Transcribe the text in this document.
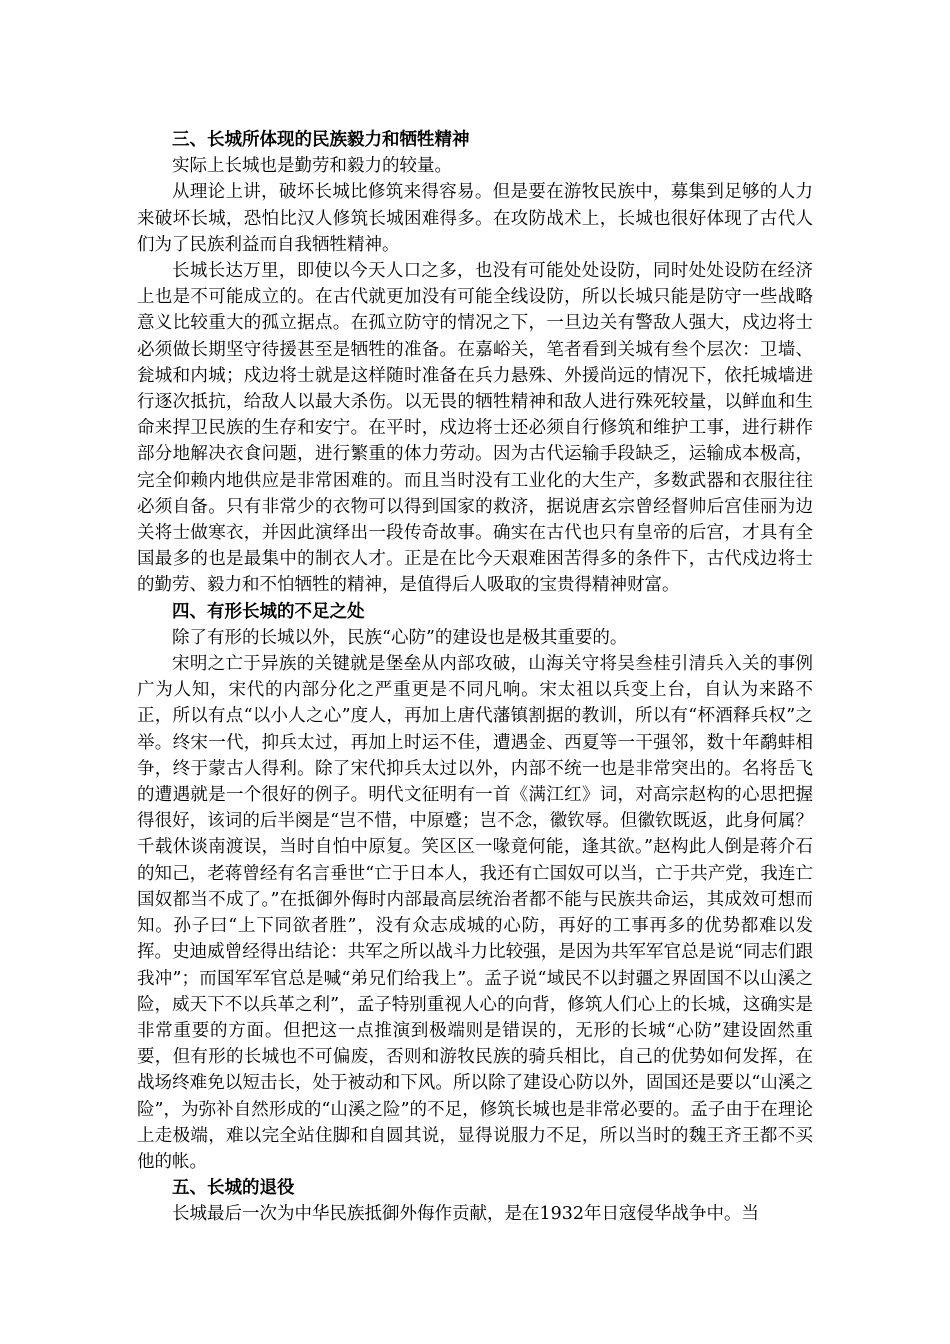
三、长城所体现的民族毅力和牺牲精神

实际上长城也是勤劳和毅力的较量。

从理论上讲，破坏长城比修筑来得容易。但是要在游牧民族中，募集到足够的人力来破坏长城，恐怕比汉人修筑长城困难得多。在攻防战术上，长城也很好体现了古代人们为了民族利益而自我牺牲精神。

长城长达万里，即使以今天人口之多，也没有可能处处设防，同时处处设防在经济上也是不可能成立的。在古代就更加没有可能全线设防，所以长城只能是防守一些战略意义比较重大的孤立据点。在孤立防守的情况之下，一旦边关有警敌人强大，戍边将士必须做长期坚守待援甚至是牺牲的准备。在嘉峪关，笔者看到关城有叁个层次：卫墙、瓮城和内城；戍边将士就是这样随时准备在兵力悬殊、外援尚远的情况下，依托城墙进行逐次抵抗，给敌人以最大杀伤。以无畏的牺牲精神和敌人进行殊死较量，以鲜血和生命来捍卫民族的生存和安宁。在平时，戍边将士还必须自行修筑和维护工事，进行耕作部分地解决衣食问题，进行繁重的体力劳动。因为古代运输手段缺乏，运输成本极高，完全仰赖内地供应是非常困难的。而且当时没有工业化的大生产，多数武器和衣服往往必须自备。只有非常少的衣物可以得到国家的救济，据说唐玄宗曾经督帅后宫佳丽为边关将士做寒衣，并因此演绎出一段传奇故事。确实在古代也只有皇帝的后宫，才具有全国最多的也是最集中的制衣人才。正是在比今天艰难困苦得多的条件下，古代戍边将士的勤劳、毅力和不怕牺牲的精神，是值得后人吸取的宝贵得精神财富。

四、有形长城的不足之处

除了有形的长城以外，民族“心防”的建设也是极其重要的。

宋明之亡于异族的关键就是堡垒从内部攻破，山海关守将吴叁桂引清兵入关的事例广为人知，宋代的内部分化之严重更是不同凡响。宋太祖以兵变上台，自认为来路不正，所以有点“以小人之心”度人，再加上唐代藩镇割据的教训，所以有“杯酒释兵权”之举。终宋一代，抑兵太过，再加上时运不佳，遭遇金、西夏等一干强邻，数十年鹬蚌相争，终于蒙古人得利。除了宋代抑兵太过以外，内部不统一也是非常突出的。名将岳飞的遭遇就是一个很好的例子。明代文征明有一首《满江红》词，对高宗赵构的心思把握得很好，该词的后半阕是“岂不惜，中原蹙；岂不念，徽钦辱。但徽钦既返，此身何属？千载休谈南渡误，当时自怕中原复。笑区区一喙竟何能，逢其欲。”赵构此人倒是蒋介石的知己，老蒋曾经有名言垂世“亡于日本人，我还有亡国奴可以当，亡于共产党，我连亡国奴都当不成了。”在抵御外侮时内部最高层统治者都不能与民族共命运，其成效可想而知。孙子曰“上下同欲者胜”，没有众志成城的心防，再好的工事再多的优势都难以发挥。史迪威曾经得出结论：共军之所以战斗力比较强，是因为共军军官总是说“同志们跟我冲”；而国军军官总是喊“弟兄们给我上”。孟子说“域民不以封疆之界固国不以山溪之险，威天下不以兵革之利”，孟子特别重视人心的向背，修筑人们心上的长城，这确实是非常重要的方面。但把这一点推演到极端则是错误的，无形的长城“心防”建设固然重要，但有形的长城也不可偏废，否则和游牧民族的骑兵相比，自己的优势如何发挥，在战场终难免以短击长，处于被动和下风。所以除了建设心防以外，固国还是要以“山溪之险”，为弥补自然形成的“山溪之险”的不足，修筑长城也是非常必要的。孟子由于在理论上走极端，难以完全站住脚和自圆其说，显得说服力不足，所以当时的魏王齐王都不买他的帐。

五、长城的退役

长城最后一次为中华民族抵御外侮作贡献，是在1932年日寇侵华战争中。当
